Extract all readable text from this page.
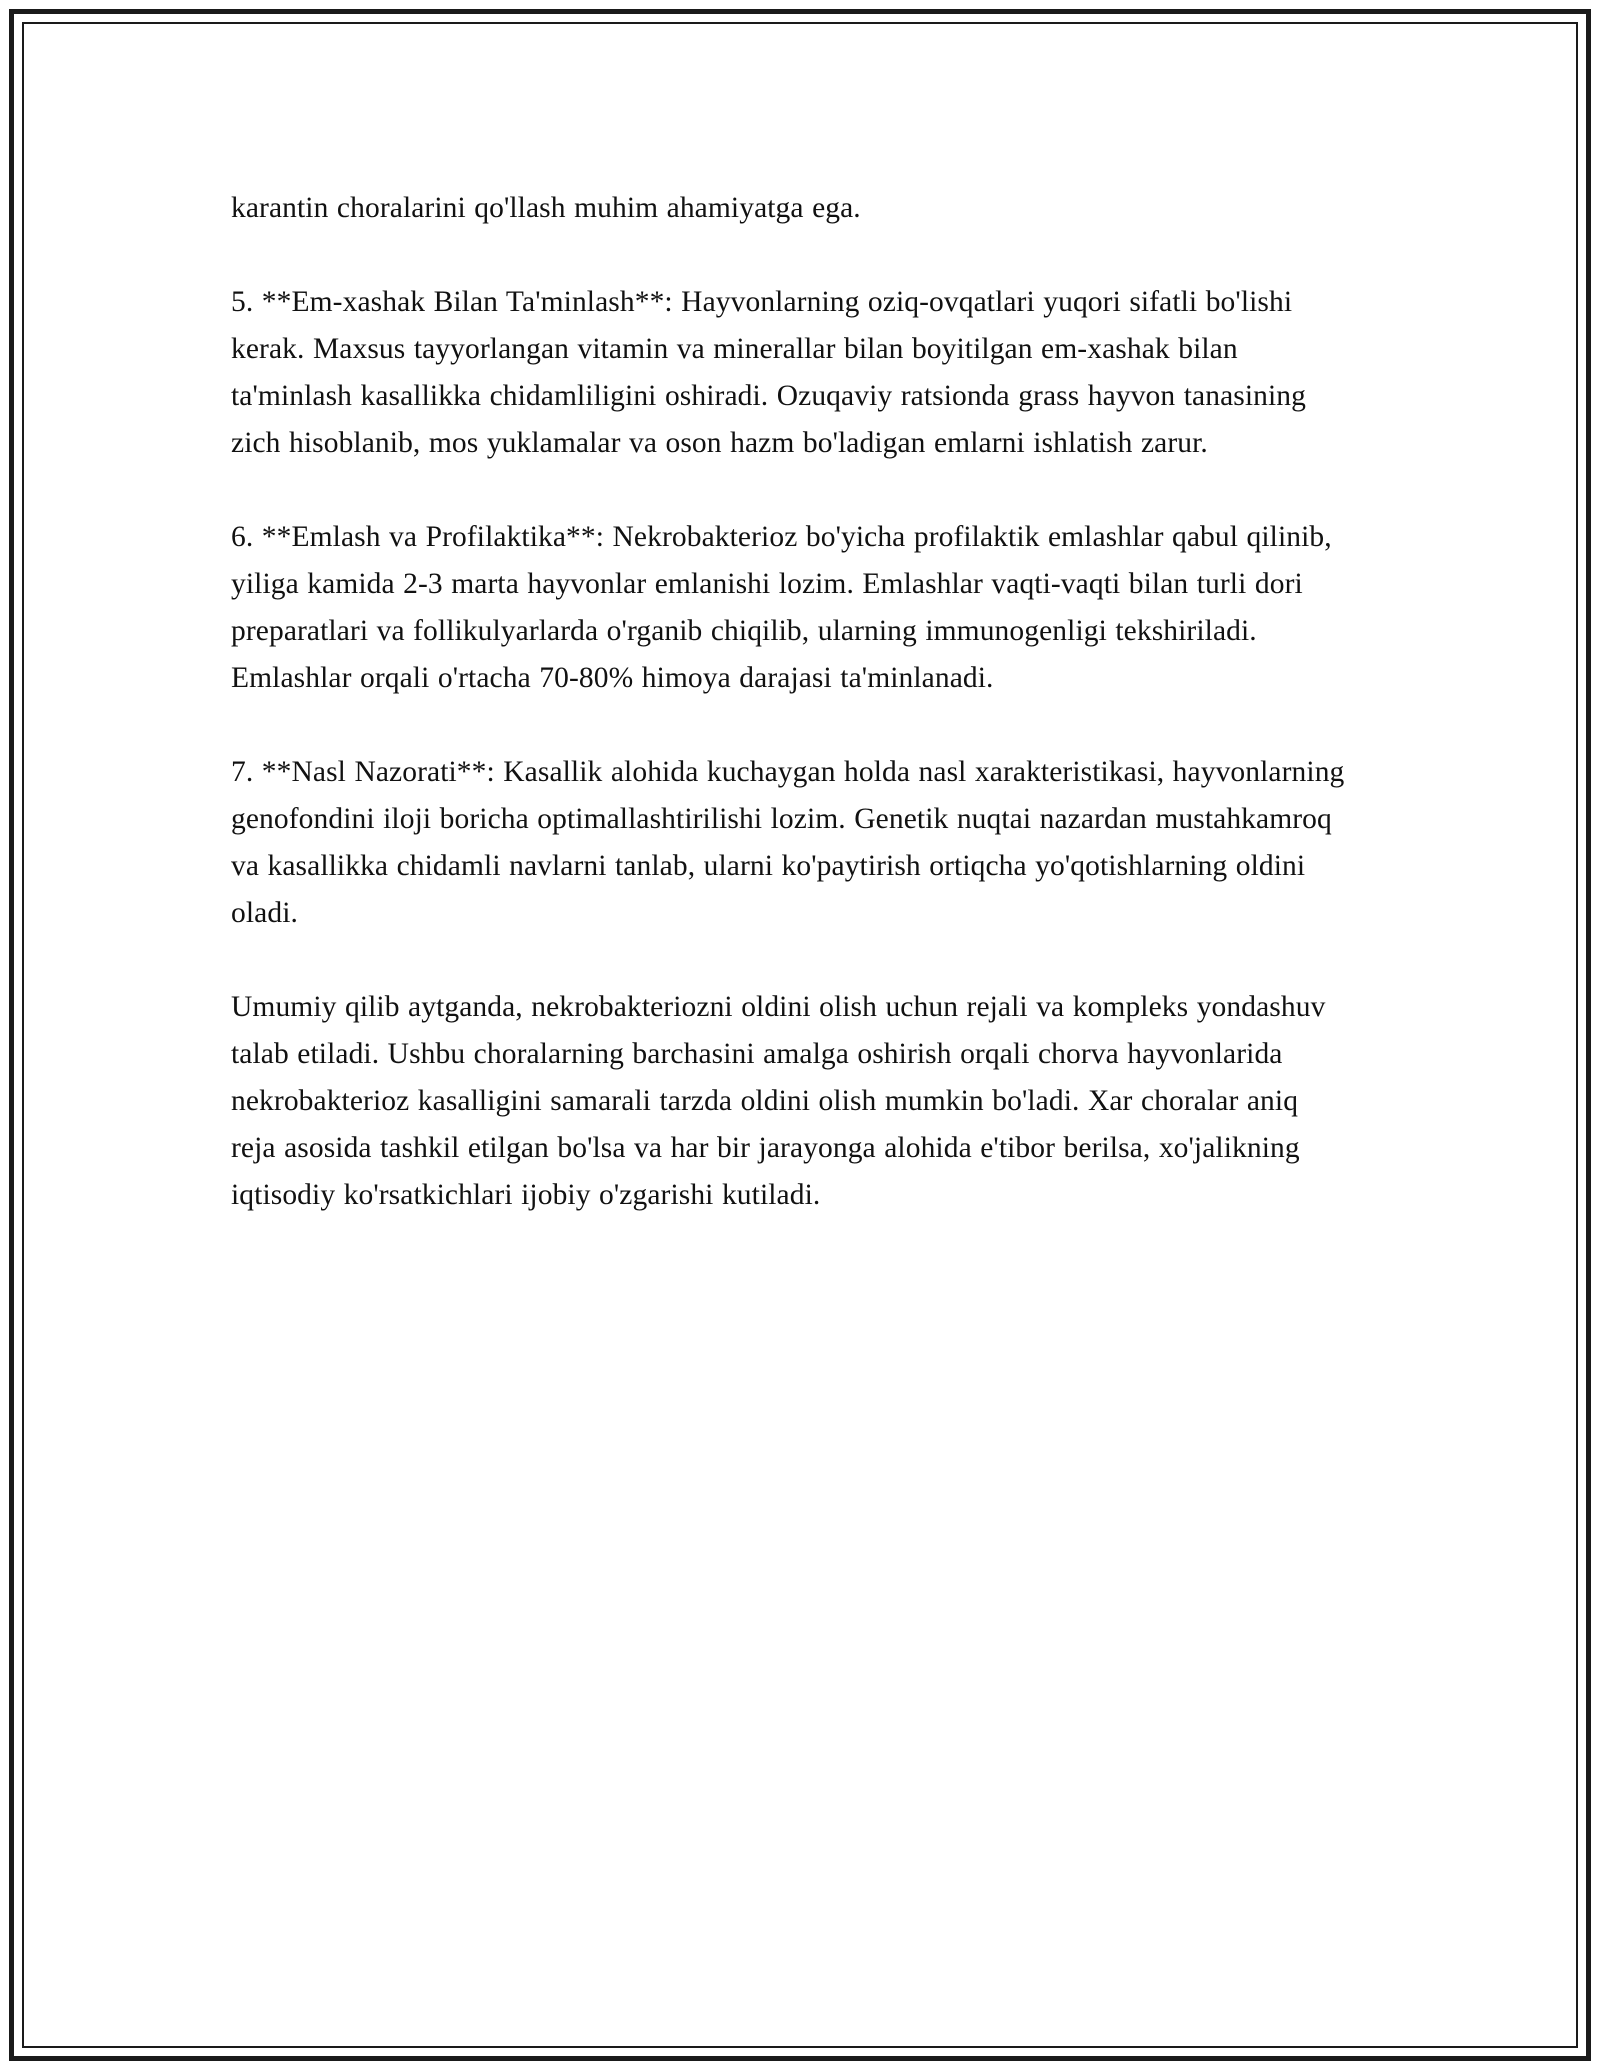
karantin choralarini qo'llash muhim ahamiyatga ega.

5. **Em-xashak Bilan Ta'minlash**: Hayvonlarning oziq-ovqatlari yuqori sifatli bo'lishi kerak. Maxsus tayyorlangan vitamin va minerallar bilan boyitilgan em-xashak bilan ta'minlash kasallikka chidamliligini oshiradi. Ozuqaviy ratsionda grass hayvon tanasining zich hisoblanib, mos yuklamalar va oson hazm bo'ladigan emlarni ishlatish zarur.

6. **Emlash va Profilaktika**: Nekrobakterioz bo'yicha profilaktik emlashlar qabul qilinib, yiliga kamida 2-3 marta hayvonlar emlanishi lozim. Emlashlar vaqti-vaqti bilan turli dori preparatlari va follikulyarlarda o'rganib chiqilib, ularning immunogenligi tekshiriladi. Emlashlar orqali o'rtacha 70-80% himoya darajasi ta'minlanadi.

7. **Nasl Nazorati**: Kasallik alohida kuchaygan holda nasl xarakteristikasi, hayvonlarning genofondini iloji boricha optimallashtirilishi lozim. Genetik nuqtai nazardan mustahkamroq va kasallikka chidamli navlarni tanlab, ularni ko'paytirish ortiqcha yo'qotishlarning oldini oladi.

Umumiy qilib aytganda, nekrobakteriozni oldini olish uchun rejali va kompleks yondashuv talab etiladi. Ushbu choralarning barchasini amalga oshirish orqali chorva hayvonlarida nekrobakterioz kasalligini samarali tarzda oldini olish mumkin bo'ladi. Xar choralar aniq reja asosida tashkil etilgan bo'lsa va har bir jarayonga alohida e'tibor berilsa, xo'jalikning iqtisodiy ko'rsatkichlari ijobiy o'zgarishi kutiladi.
